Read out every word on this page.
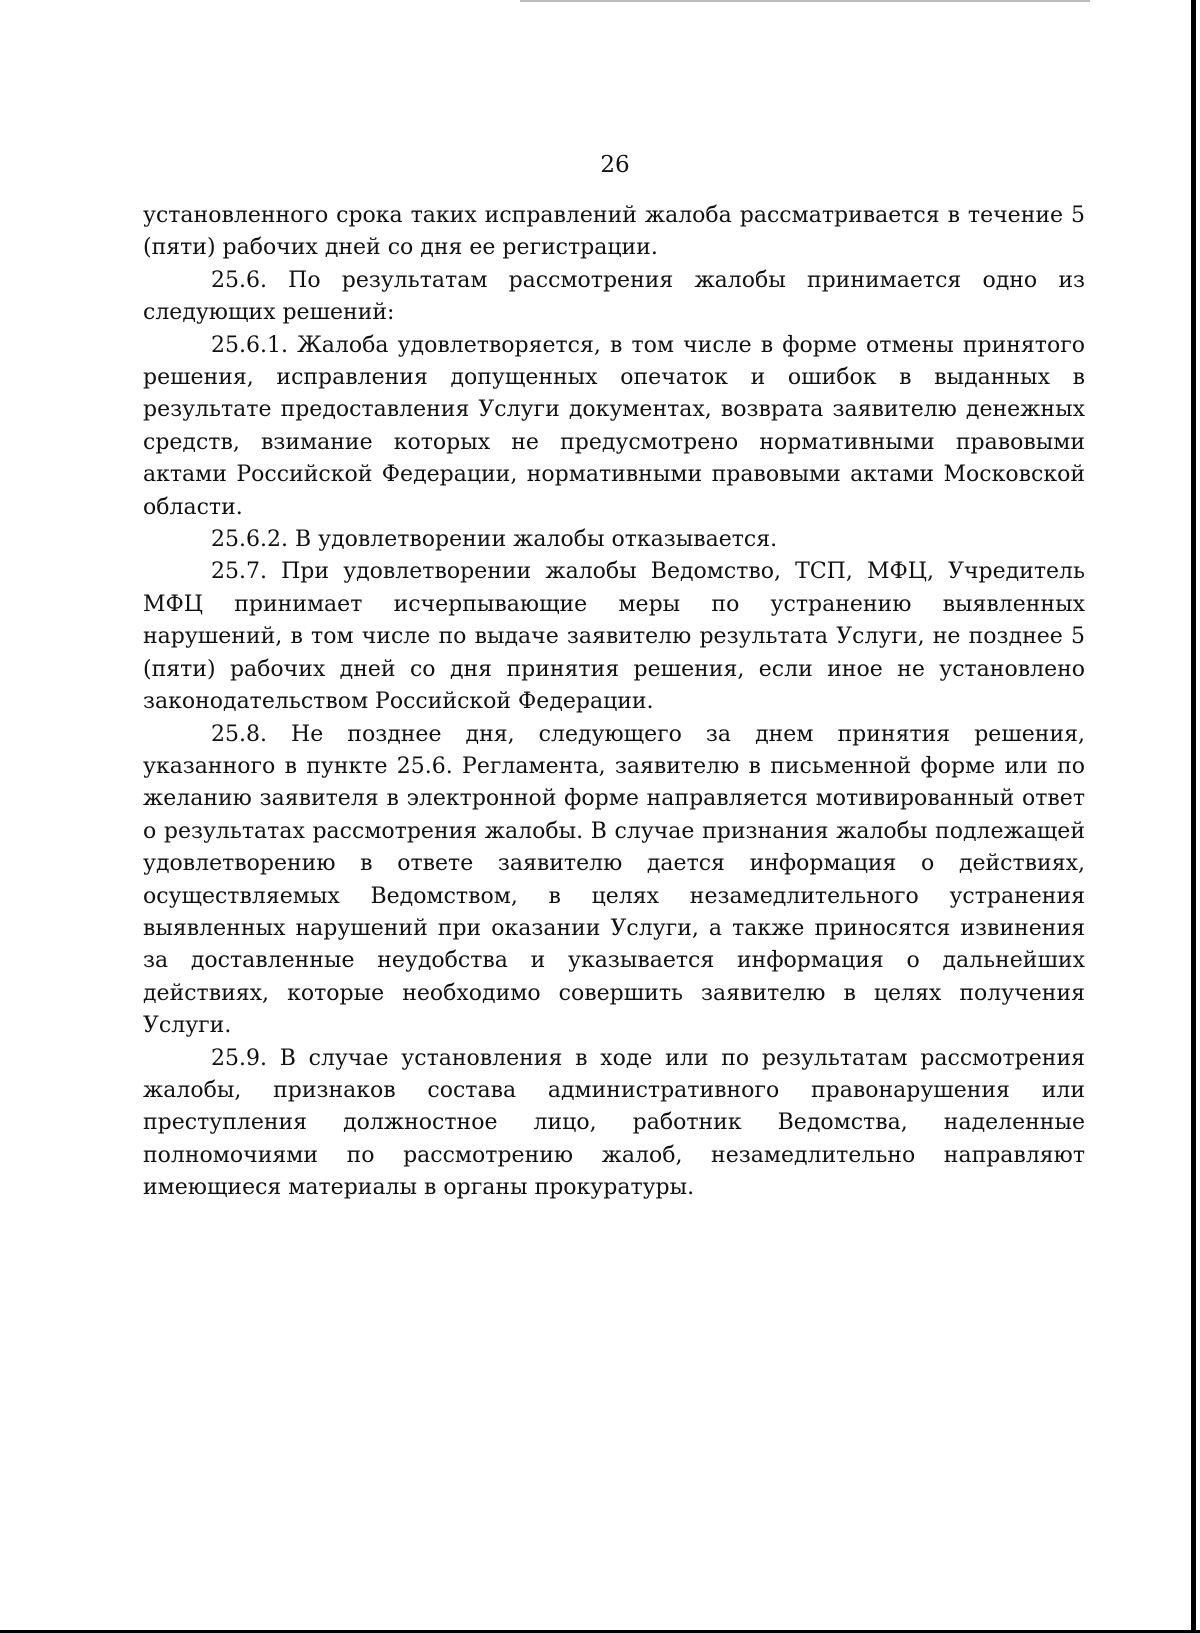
26

установленного срока таких исправлений жалоба рассматривается в течение 5 (пяти) рабочих дней со дня ее регистрации.

25.6. По результатам рассмотрения жалобы принимается одно из следующих решений:

25.6.1. Жалоба удовлетворяется, в том числе в форме отмены принятого решения, исправления допущенных опечаток и ошибок в выданных в результате предоставления Услуги документах, возврата заявителю денежных средств, взимание которых не предусмотрено нормативными правовыми актами Российской Федерации, нормативными правовыми актами Московской области.

25.6.2. В удовлетворении жалобы отказывается.

25.7. При удовлетворении жалобы Ведомство, ТСП, МФЦ, Учредитель МФЦ принимает исчерпывающие меры по устранению выявленных нарушений, в том числе по выдаче заявителю результата Услуги, не позднее 5 (пяти) рабочих дней со дня принятия решения, если иное не установлено законодательством Российской Федерации.

25.8. Не позднее дня, следующего за днем принятия решения, указанного в пункте 25.6. Регламента, заявителю в письменной форме или по желанию заявителя в электронной форме направляется мотивированный ответ о результатах рассмотрения жалобы. В случае признания жалобы подлежащей удовлетворению в ответе заявителю дается информация о действиях, осуществляемых Ведомством, в целях незамедлительного устранения выявленных нарушений при оказании Услуги, а также приносятся извинения за доставленные неудобства и указывается информация о дальнейших действиях, которые необходимо совершить заявителю в целях получения Услуги.

25.9. В случае установления в ходе или по результатам рассмотрения жалобы, признаков состава административного правонарушения или преступления должностное лицо, работник Ведомства, наделенные полномочиями по рассмотрению жалоб, незамедлительно направляют имеющиеся материалы в органы прокуратуры.
